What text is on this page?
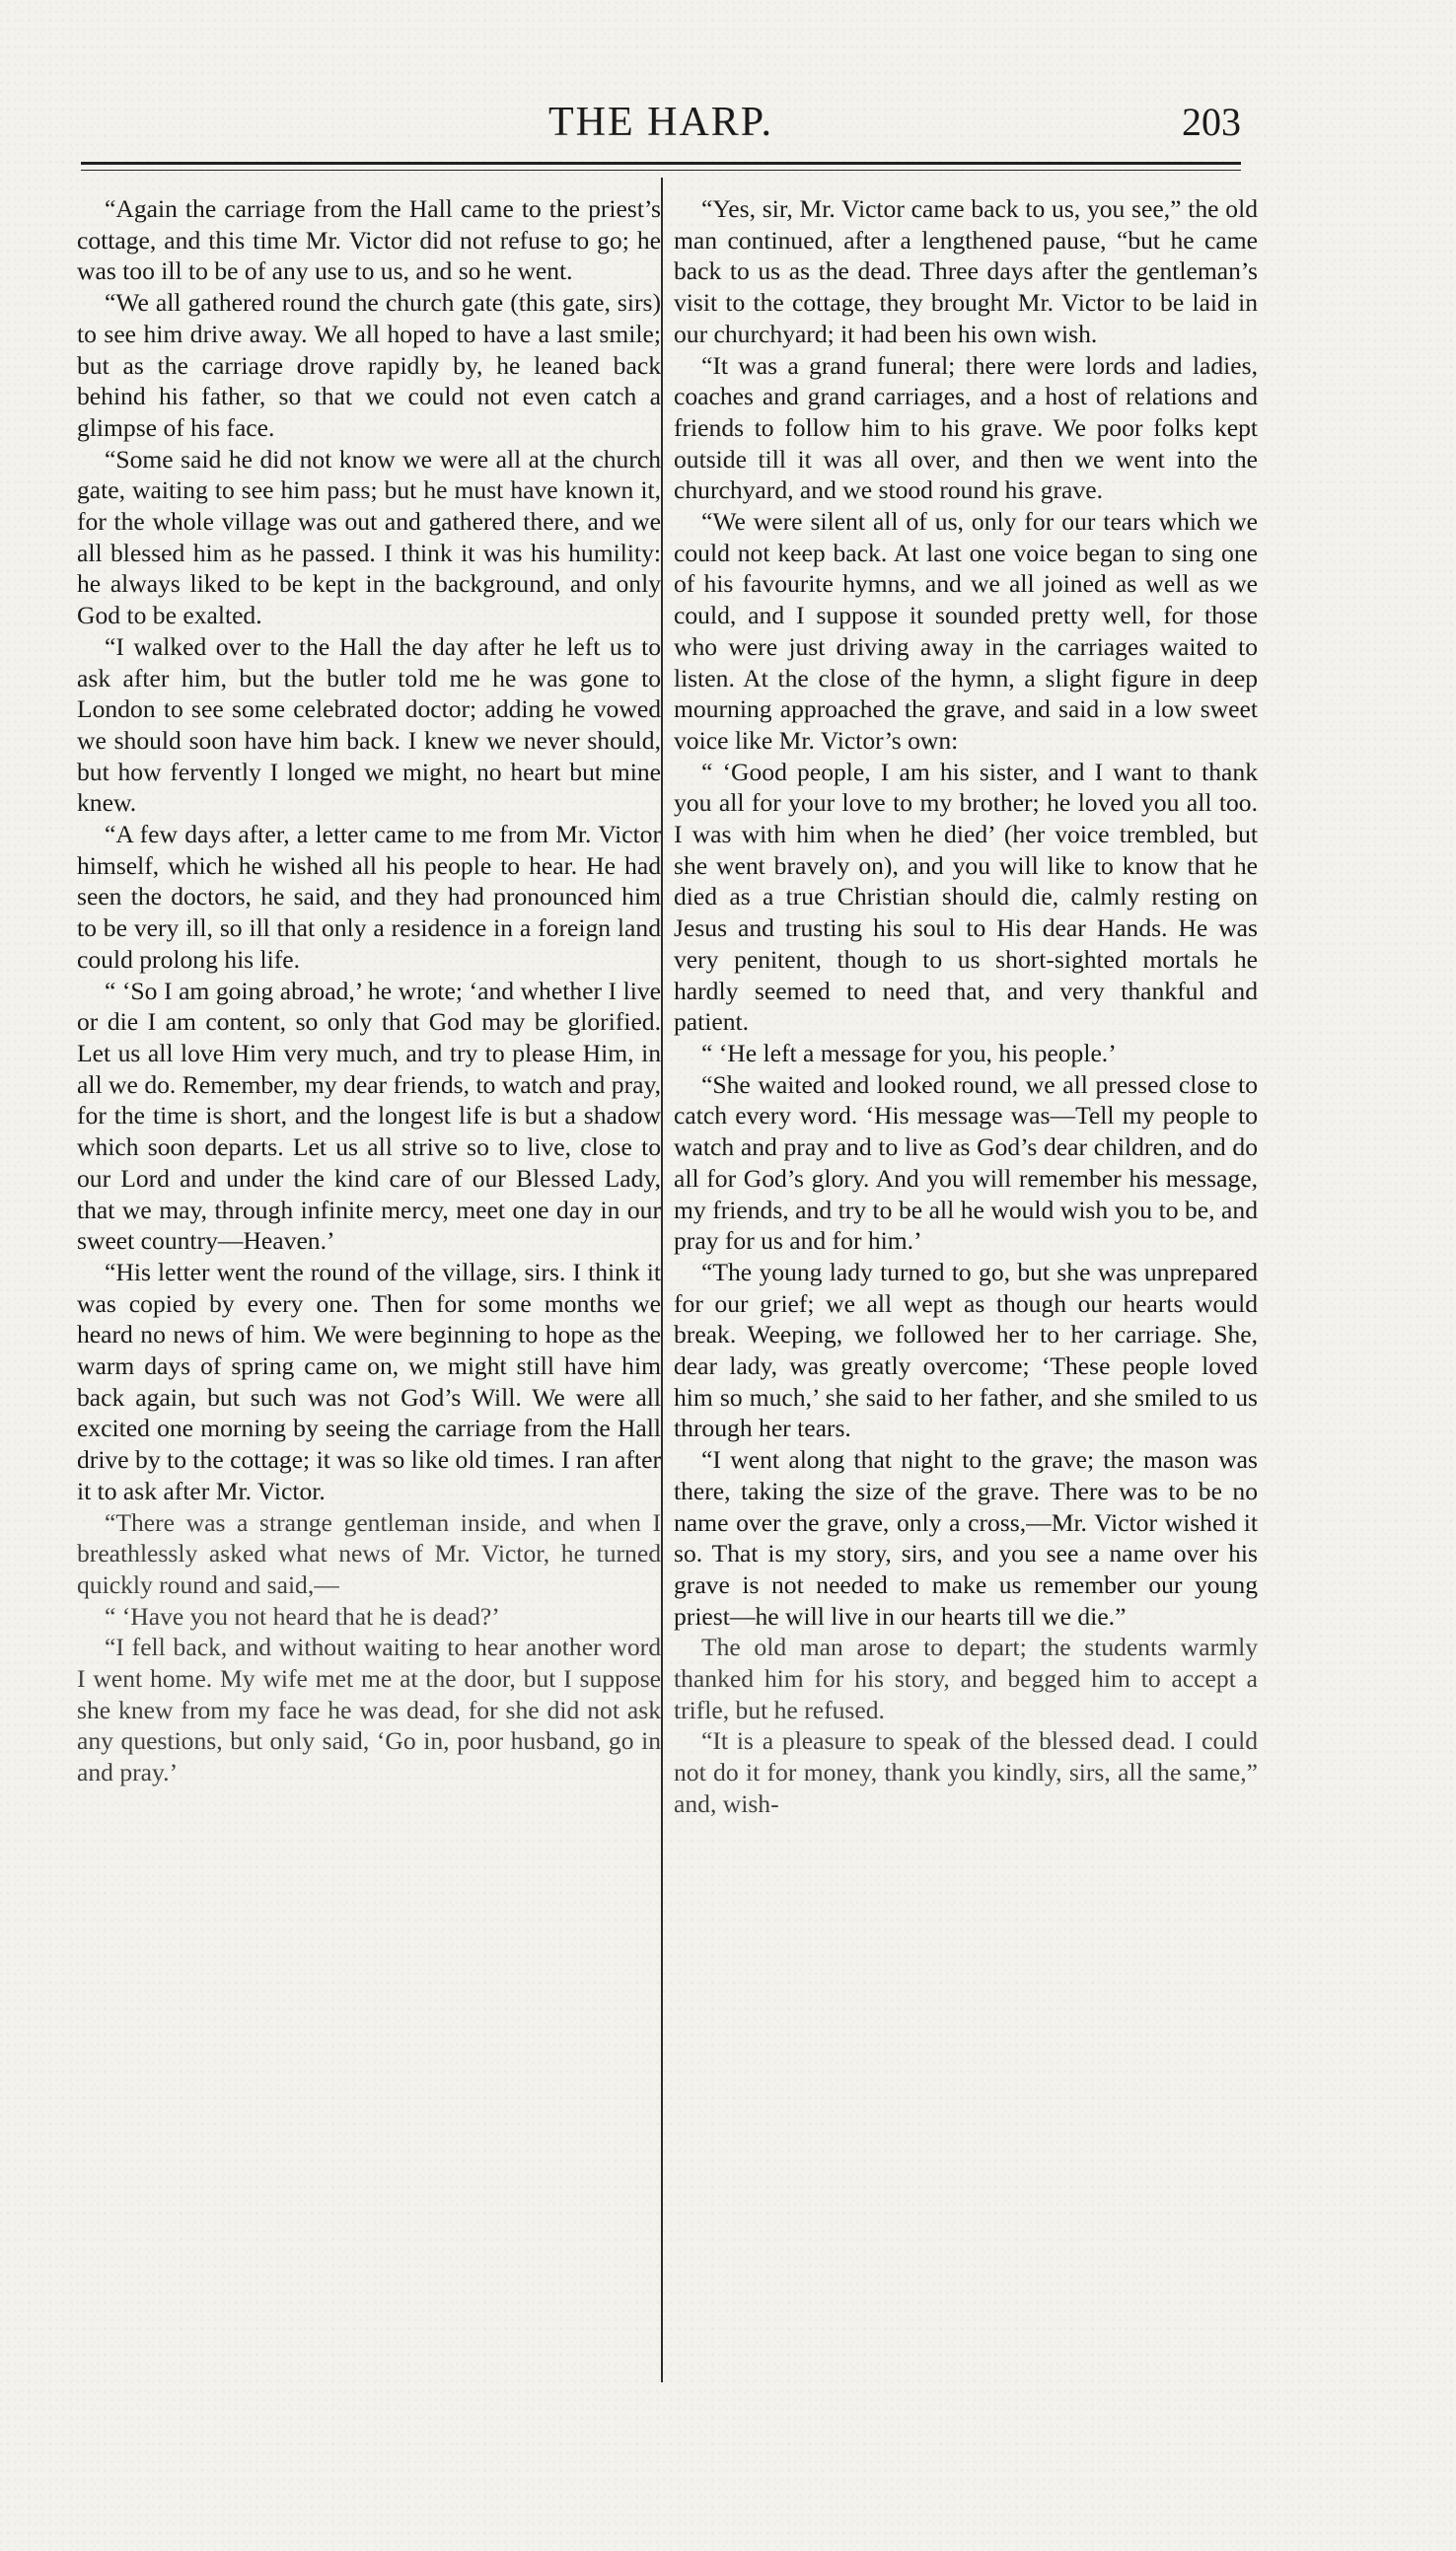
THE HARP.	203

“Again the carriage from the Hall came to the priest’s cottage, and this time Mr. Victor did not refuse to go; he was too ill to be of any use to us, and so he went.

“We all gathered round the church gate (this gate, sirs) to see him drive away. We all hoped to have a last smile; but as the carriage drove rapidly by, he leaned back behind his father, so that we could not even catch a glimpse of his face.

“Some said he did not know we were all at the church gate, waiting to see him pass; but he must have known it, for the whole village was out and gathered there, and we all blessed him as he passed. I think it was his humility: he always liked to be kept in the background, and only God to be exalted.

“I walked over to the Hall the day after he left us to ask after him, but the butler told me he was gone to London to see some celebrated doctor; adding he vowed we should soon have him back. I knew we never should, but how fervently I longed we might, no heart but mine knew.

“A few days after, a letter came to me from Mr. Victor himself, which he wished all his people to hear. He had seen the doctors, he said, and they had pronounced him to be very ill, so ill that only a residence in a foreign land could prolong his life.

“ ‘So I am going abroad,’ he wrote; ‘and whether I live or die I am content, so only that God may be glorified. Let us all love Him very much, and try to please Him, in all we do. Remember, my dear friends, to watch and pray, for the time is short, and the longest life is but a shadow which soon departs. Let us all strive so to live, close to our Lord and under the kind care of our Blessed Lady, that we may, through infinite mercy, meet one day in our sweet country—Heaven.’

“His letter went the round of the village, sirs. I think it was copied by every one. Then for some months we heard no news of him. We were beginning to hope as the warm days of spring came on, we might still have him back again, but such was not God’s Will. We were all excited one morning by seeing the carriage from the Hall drive by to the cottage; it was so like old times. I ran after it to ask after Mr. Victor.

“There was a strange gentleman inside, and when I breathlessly asked what news of Mr. Victor, he turned quickly round and said,—

“ ‘Have you not heard that he is dead?’

“I fell back, and without waiting to hear another word I went home. My wife met me at the door, but I suppose she knew from my face he was dead, for she did not ask any questions, but only said, ‘Go in, poor husband, go in and pray.’

“Yes, sir, Mr. Victor came back to us, you see,” the old man continued, after a lengthened pause, “but he came back to us as the dead. Three days after the gentleman’s visit to the cottage, they brought Mr. Victor to be laid in our churchyard; it had been his own wish.

“It was a grand funeral; there were lords and ladies, coaches and grand carriages, and a host of relations and friends to follow him to his grave. We poor folks kept outside till it was all over, and then we went into the churchyard, and we stood round his grave.

“We were silent all of us, only for our tears which we could not keep back. At last one voice began to sing one of his favourite hymns, and we all joined as well as we could, and I suppose it sounded pretty well, for those who were just driving away in the carriages waited to listen. At the close of the hymn, a slight figure in deep mourning approached the grave, and said in a low sweet voice like Mr. Victor’s own:

“ ‘Good people, I am his sister, and I want to thank you all for your love to my brother; he loved you all too. I was with him when he died’ (her voice trembled, but she went bravely on), and you will like to know that he died as a true Christian should die, calmly resting on Jesus and trusting his soul to His dear Hands. He was very penitent, though to us short-sighted mortals he hardly seemed to need that, and very thankful and patient.

“ ‘He left a message for you, his people.’

“She waited and looked round, we all pressed close to catch every word. ‘His message was—Tell my people to watch and pray and to live as God’s dear children, and do all for God’s glory. And you will remember his message, my friends, and try to be all he would wish you to be, and pray for us and for him.’

“The young lady turned to go, but she was unprepared for our grief; we all wept as though our hearts would break. Weeping, we followed her to her carriage. She, dear lady, was greatly overcome; ‘These people loved him so much,’ she said to her father, and she smiled to us through her tears.

“I went along that night to the grave; the mason was there, taking the size of the grave. There was to be no name over the grave, only a cross,—Mr. Victor wished it so. That is my story, sirs, and you see a name over his grave is not needed to make us remember our young priest—he will live in our hearts till we die.”

The old man arose to depart; the students warmly thanked him for his story, and begged him to accept a trifle, but he refused.

“It is a pleasure to speak of the blessed dead. I could not do it for money, thank you kindly, sirs, all the same,” and, wish-
